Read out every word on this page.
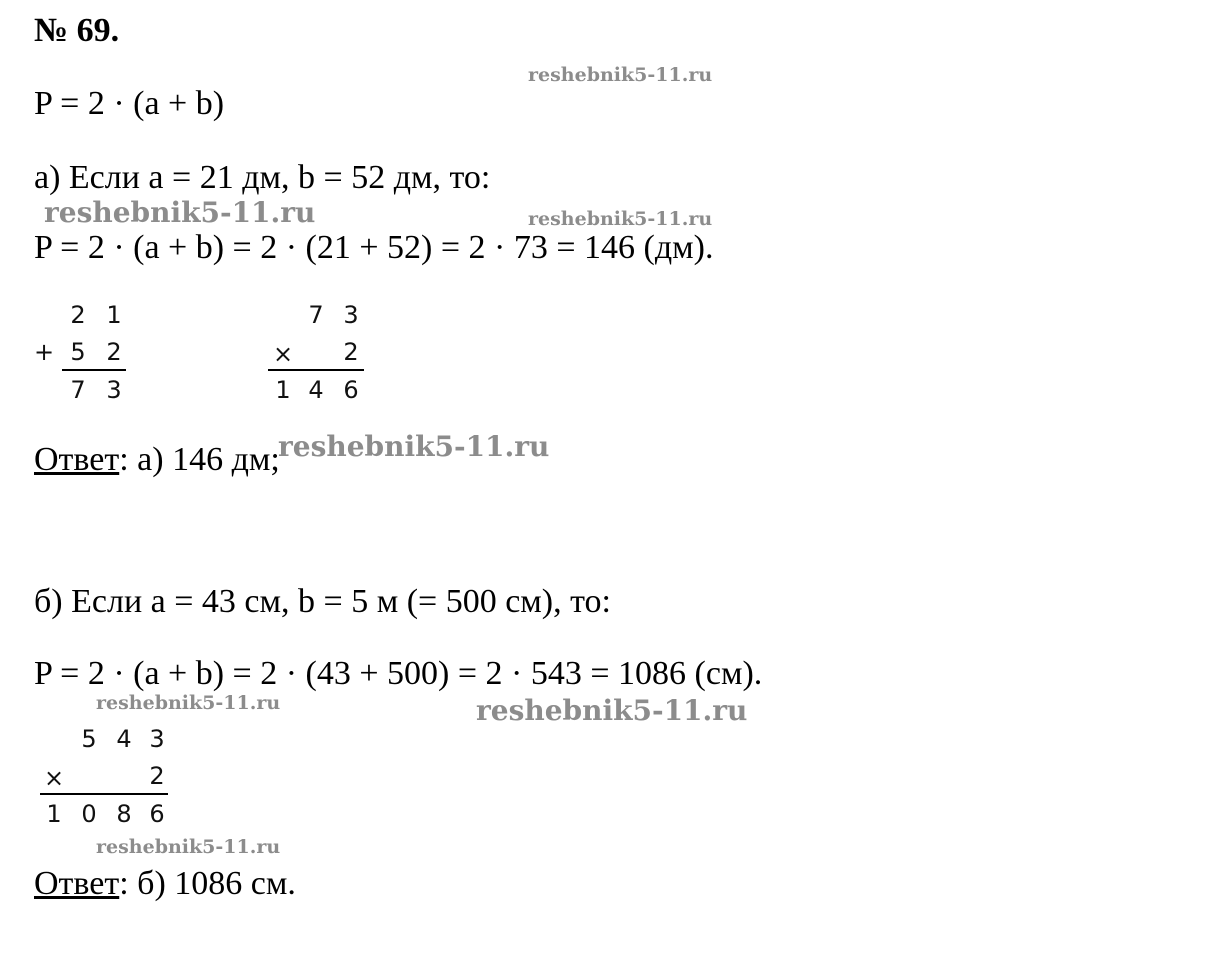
№ 69.
P = 2 · (a + b)
а) Если a = 21 дм, b = 52 дм, то:
P = 2 · (a + b) = 2 · (21 + 52) = 2 · 73 = 146 (дм).
2 1
+ 5 2
7 3
7 3
× 2
1 4 6
Ответ: а) 146 дм;
б) Если a = 43 см, b = 5 м (= 500 см), то:
P = 2 · (a + b) = 2 · (43 + 500) = 2 · 543 = 1086 (см).
5 4 3
×	2
1 0 8 6
Ответ: б) 1086 см.
reshebnik5-11.ru
reshebnik5-11.ru	reshebnik5-11.ru
reshebnik5-11.ru
reshebnik5-11.ru	reshebnik5-11.ru
reshebnik5-11.ru
